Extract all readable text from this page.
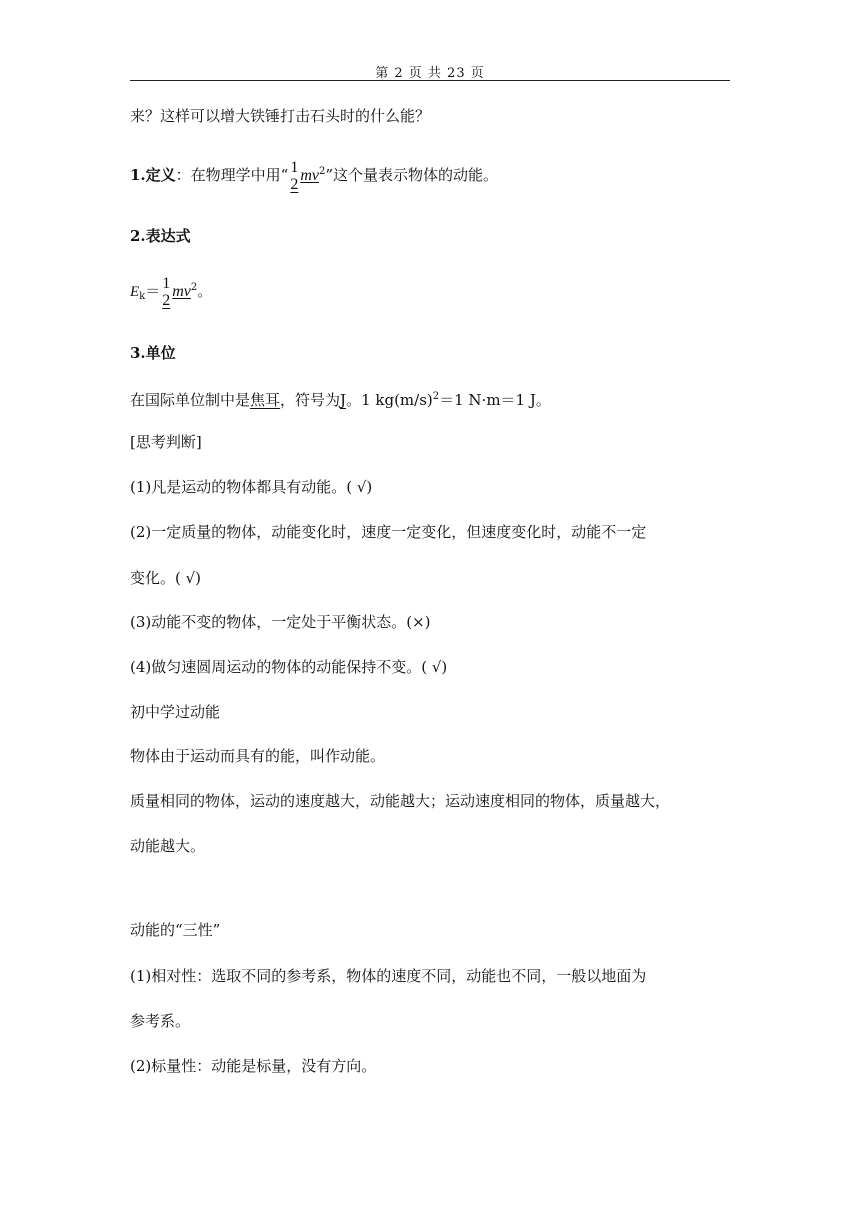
第 2 页 共 23 页
来？这样可以增大铁锤打击石头时的什么能？
1.定义：在物理学中用“ 1
2
$mv^2$”这个量表示物体的动能。
2.表达式
$E_k= 1$
2
$mv^2$。
3.单位
在国际单位制中是焦耳，符号为J。1 $kg(m/s)^2=1$ N·m＝1 J。
[思考判断]
(1)凡是运动的物体都具有动能。( √)
(2)一定质量的物体，动能变化时，速度一定变化，但速度变化时，动能不一定
变化。( √)
(3)动能不变的物体，一定处于平衡状态。(×)
(4)做匀速圆周运动的物体的动能保持不变。( √)
初中学过动能
物体由于运动而具有的能，叫作动能。
质量相同的物体，运动的速度越大，动能越大；运动速度相同的物体，质量越大，
动能越大。
动能的“三性”
(1)相对性：选取不同的参考系，物体的速度不同，动能也不同，一般以地面为
参考系。
(2)标量性：动能是标量，没有方向。
